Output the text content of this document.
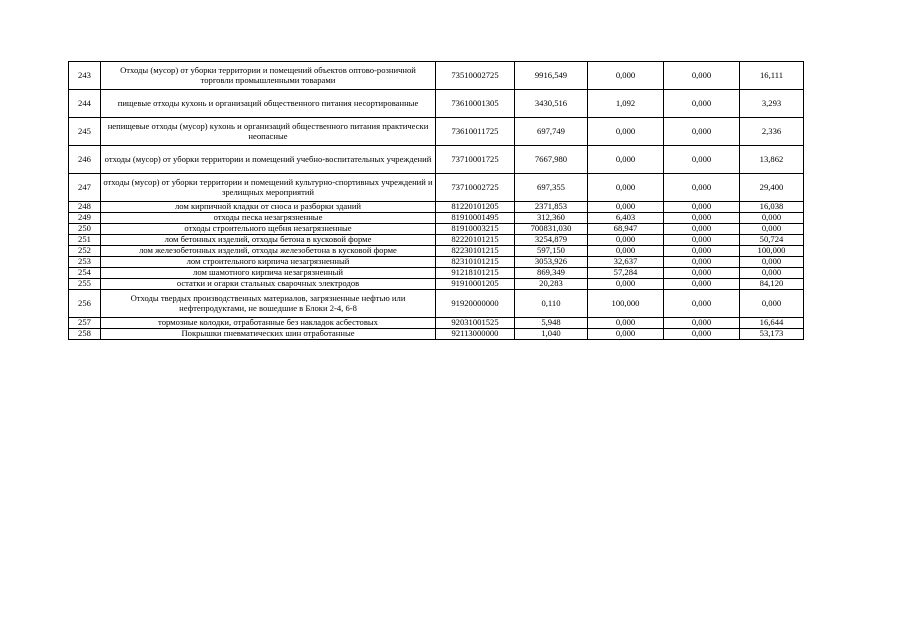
243	Отходы (мусор) от уборки территории и помещений объектов оптово-розничной торговли промышленными товарами	73510002725	9916,549	0,000	0,000	16,111
244	пищевые отходы кухонь и организаций общественного питания несортированные	73610001305	3430,516	1,092	0,000	3,293
245	непищевые отходы (мусор) кухонь и организаций общественного питания практически неопасные	73610011725	697,749	0,000	0,000	2,336
246	отходы (мусор) от уборки территории и помещений учебно-воспитательных учреждений	73710001725	7667,980	0,000	0,000	13,862
247	отходы (мусор) от уборки территории и помещений культурно-спортивных учреждений и зрелищных мероприятий	73710002725	697,355	0,000	0,000	29,400
248	лом кирпичной кладки от сноса и разборки зданий	81220101205	2371,853	0,000	0,000	16,038
249	отходы песка незагрязненные	81910001495	312,360	6,403	0,000	0,000
250	отходы строительного щебня незагрязненные	81910003215	700831,030	68,947	0,000	0,000
251	лом бетонных изделий, отходы бетона в кусковой форме	82220101215	3254,879	0,000	0,000	50,724
252	лом железобетонных изделий, отходы железобетона в кусковой форме	82230101215	597,150	0,000	0,000	100,000
253	лом строительного кирпича незагрязненный	82310101215	3053,926	32,637	0,000	0,000
254	лом шамотного кирпича незагрязненный	91218101215	869,349	57,284	0,000	0,000
255	остатки и огарки стальных сварочных электродов	91910001205	20,283	0,000	0,000	84,120
256	Отходы твердых производственных материалов, загрязненные нефтью или нефтепродуктами, не вошедшие в Блоки 2-4, 6-8	91920000000	0,110	100,000	0,000	0,000
257	тормозные колодки, отработанные без накладок асбестовых	92031001525	5,948	0,000	0,000	16,644
258	Покрышки пневматических шин отработанные	92113000000	1,040	0,000	0,000	53,173
